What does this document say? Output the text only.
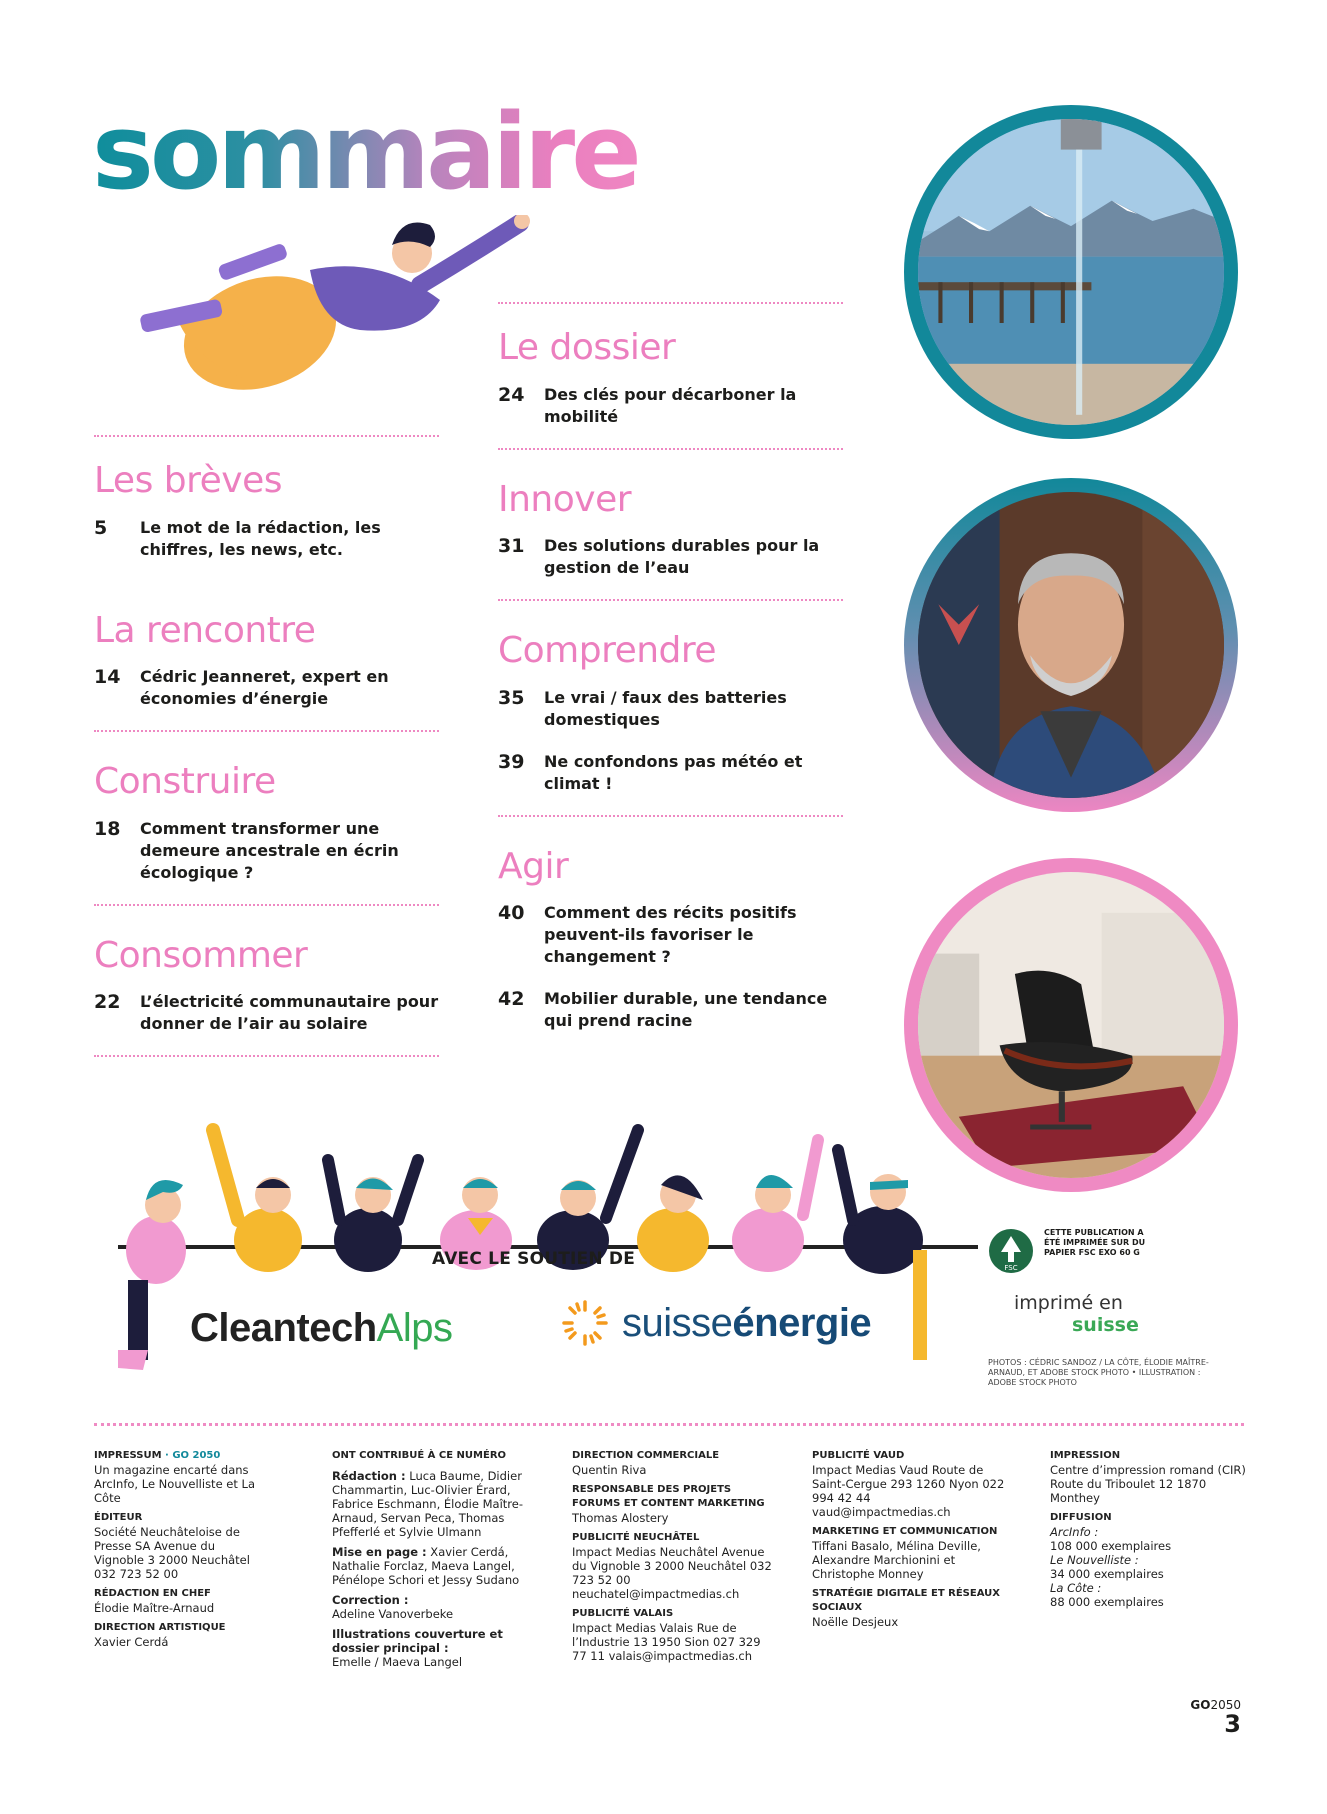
sommaire
Les brèves
5	Le mot de la rédaction, les chiffres, les news, etc.
La rencontre
14	Cédric Jeanneret, expert en économies d’énergie
Construire
18	Comment transformer une demeure ancestrale en écrin écologique ?
Consommer
22	L’électricité communautaire pour donner de l’air au solaire
Le dossier
24	Des clés pour décarboner la mobilité
Innover
31	Des solutions durables pour la gestion de l’eau
Comprendre
35	Le vrai / faux des batteries domestiques
39	Ne confondons pas météo et climat !
Agir
40	Comment des récits positifs peuvent-ils favoriser le changement ?
42	Mobilier durable, une tendance qui prend racine
AVEC LE SOUTIEN DE
CleantechAlps	suisseénergie
FSC
CETTE PUBLICATION A ÉTÉ IMPRIMÉE SUR DU PAPIER FSC EXO 60 G
imprimé en
suisse
PHOTOS : CÉDRIC SANDOZ / LA CÔTE, ÉLODIE MAÎTRE-ARNAUD, ET ADOBE STOCK PHOTO • ILLUSTRATION : ADOBE STOCK PHOTO
IMPRESSUM · GO 2050
Un magazine encarté dans ArcInfo, Le Nouvelliste et La Côte
ÉDITEUR
Société Neuchâteloise de Presse SA Avenue du Vignoble 3 2000 Neuchâtel 032 723 52 00
RÉDACTION EN CHEF
Élodie Maître-Arnaud
DIRECTION ARTISTIQUE
Xavier Cerdá
ONT CONTRIBUÉ À CE NUMÉRO
Rédaction : Luca Baume, Didier Chammartin, Luc-Olivier Érard, Fabrice Eschmann, Élodie Maître-Arnaud, Servan Peca, Thomas Pfefferlé et Sylvie Ulmann
Mise en page : Xavier Cerdá, Nathalie Forclaz, Maeva Langel, Pénélope Schori et Jessy Sudano
Correction :
Adeline Vanoverbeke
Illustrations couverture et dossier principal :
Emelle / Maeva Langel
DIRECTION COMMERCIALE
Quentin Riva
RESPONSABLE DES PROJETS FORUMS ET CONTENT MARKETING
Thomas Alostery
PUBLICITÉ NEUCHÂTEL
Impact Medias Neuchâtel Avenue du Vignoble 3 2000 Neuchâtel 032 723 52 00 neuchatel@impactmedias.ch
PUBLICITÉ VALAIS
Impact Medias Valais Rue de l’Industrie 13 1950 Sion 027 329 77 11 valais@impactmedias.ch
PUBLICITÉ VAUD
Impact Medias Vaud Route de Saint-Cergue 293 1260 Nyon 022 994 42 44 vaud@impactmedias.ch
MARKETING ET COMMUNICATION
Tiffani Basalo, Mélina Deville, Alexandre Marchionini et Christophe Monney
STRATÉGIE DIGITALE ET RÉSEAUX SOCIAUX
Noëlle Desjeux
IMPRESSION
Centre d’impression romand (CIR) Route du Triboulet 12 1870 Monthey
DIFFUSION
ArcInfo :
108 000 exemplaires
Le Nouvelliste :
34 000 exemplaires
La Côte :
88 000 exemplaires
GO2050
3
